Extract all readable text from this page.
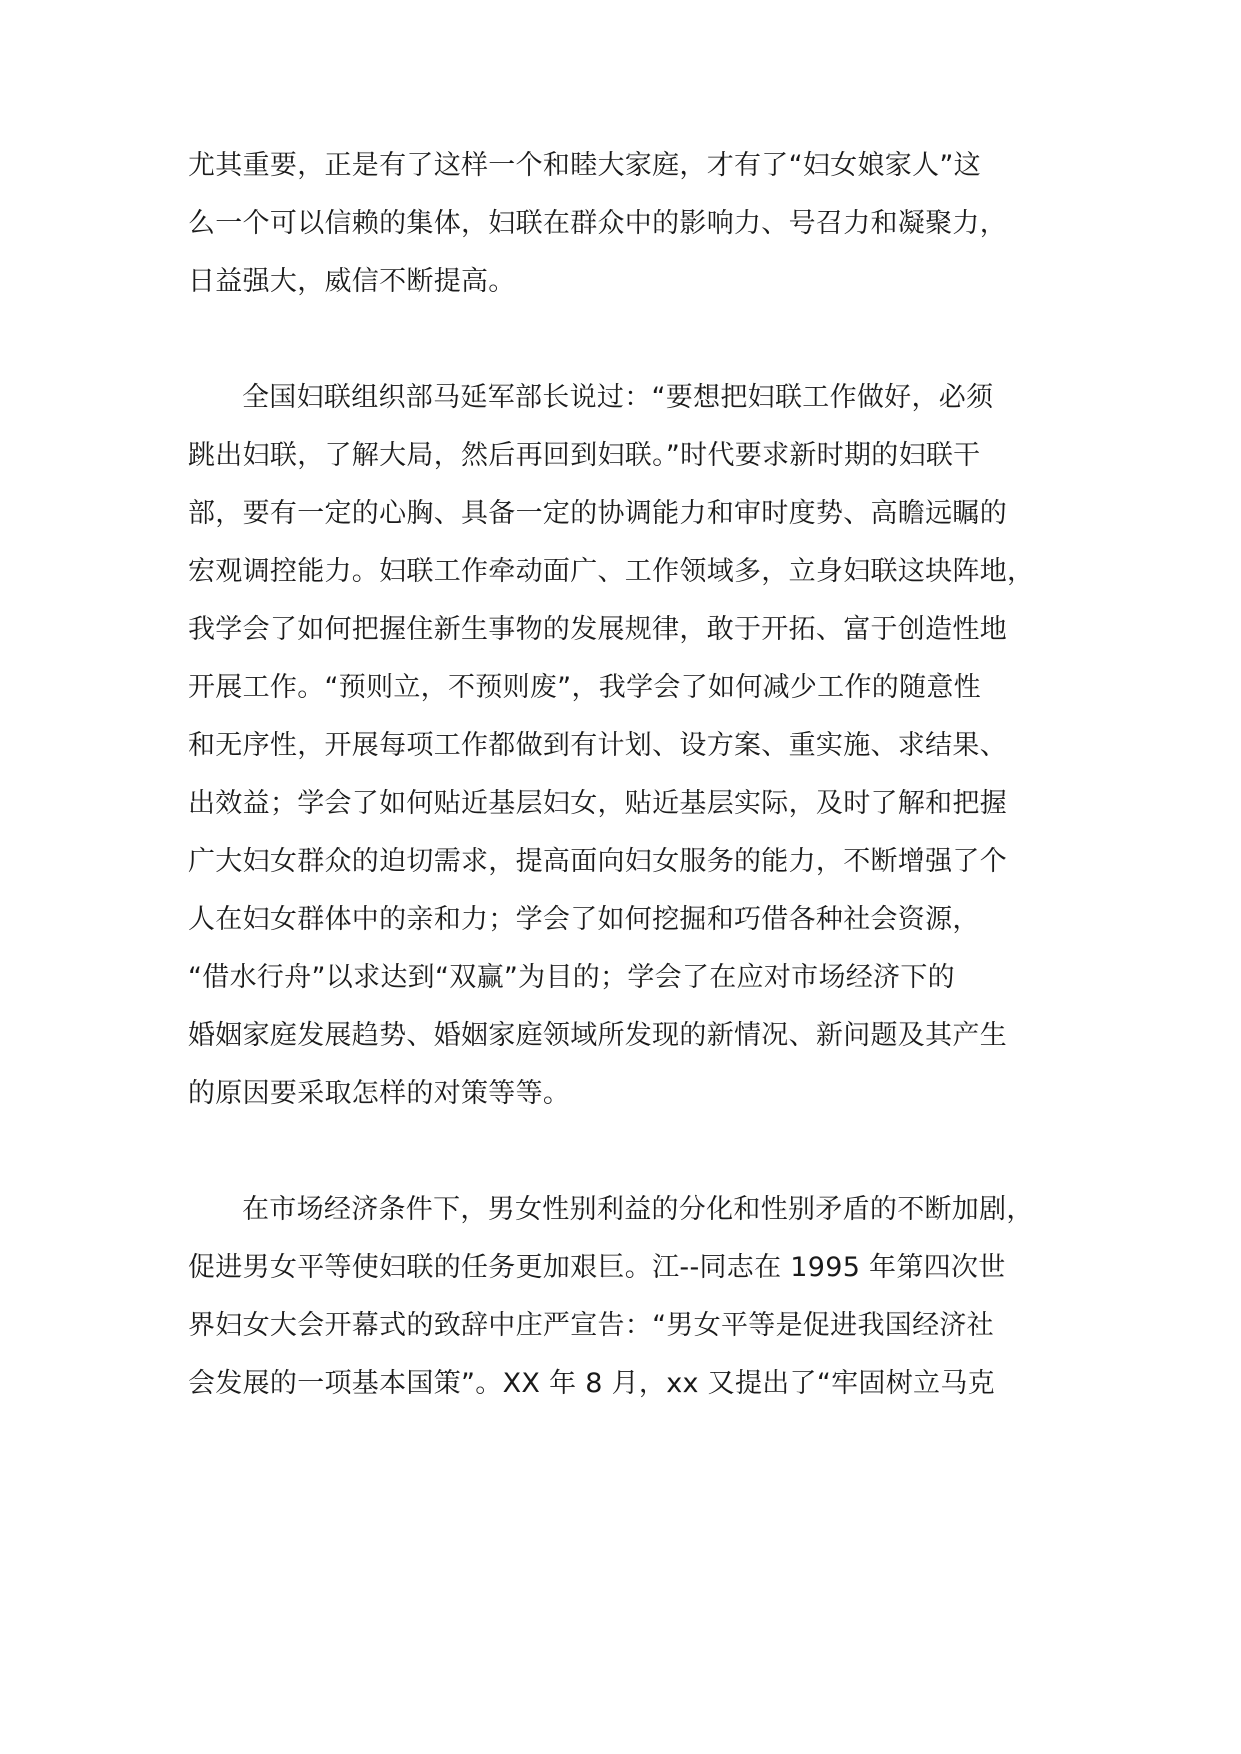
尤其重要，正是有了这样一个和睦大家庭，才有了“妇女娘家人”这
么一个可以信赖的集体，妇联在群众中的影响力、号召力和凝聚力，
日益强大，威信不断提高。
全国妇联组织部马延军部长说过：“要想把妇联工作做好，必须
跳出妇联，了解大局，然后再回到妇联。”时代要求新时期的妇联干
部，要有一定的心胸、具备一定的协调能力和审时度势、高瞻远瞩的
宏观调控能力。妇联工作牵动面广、工作领域多，立身妇联这块阵地，
我学会了如何把握住新生事物的发展规律，敢于开拓、富于创造性地
开展工作。“预则立，不预则废”，我学会了如何减少工作的随意性
和无序性，开展每项工作都做到有计划、设方案、重实施、求结果、
出效益；学会了如何贴近基层妇女，贴近基层实际，及时了解和把握
广大妇女群众的迫切需求，提高面向妇女服务的能力，不断增强了个
人在妇女群体中的亲和力；学会了如何挖掘和巧借各种社会资源，
“借水行舟”以求达到“双赢”为目的；学会了在应对市场经济下的
婚姻家庭发展趋势、婚姻家庭领域所发现的新情况、新问题及其产生
的原因要采取怎样的对策等等。
在市场经济条件下，男女性别利益的分化和性别矛盾的不断加剧，
促进男女平等使妇联的任务更加艰巨。江--同志在 1995 年第四次世
界妇女大会开幕式的致辞中庄严宣告：“男女平等是促进我国经济社
会发展的一项基本国策”。XX 年 8 月，xx 又提出了“牢固树立马克
